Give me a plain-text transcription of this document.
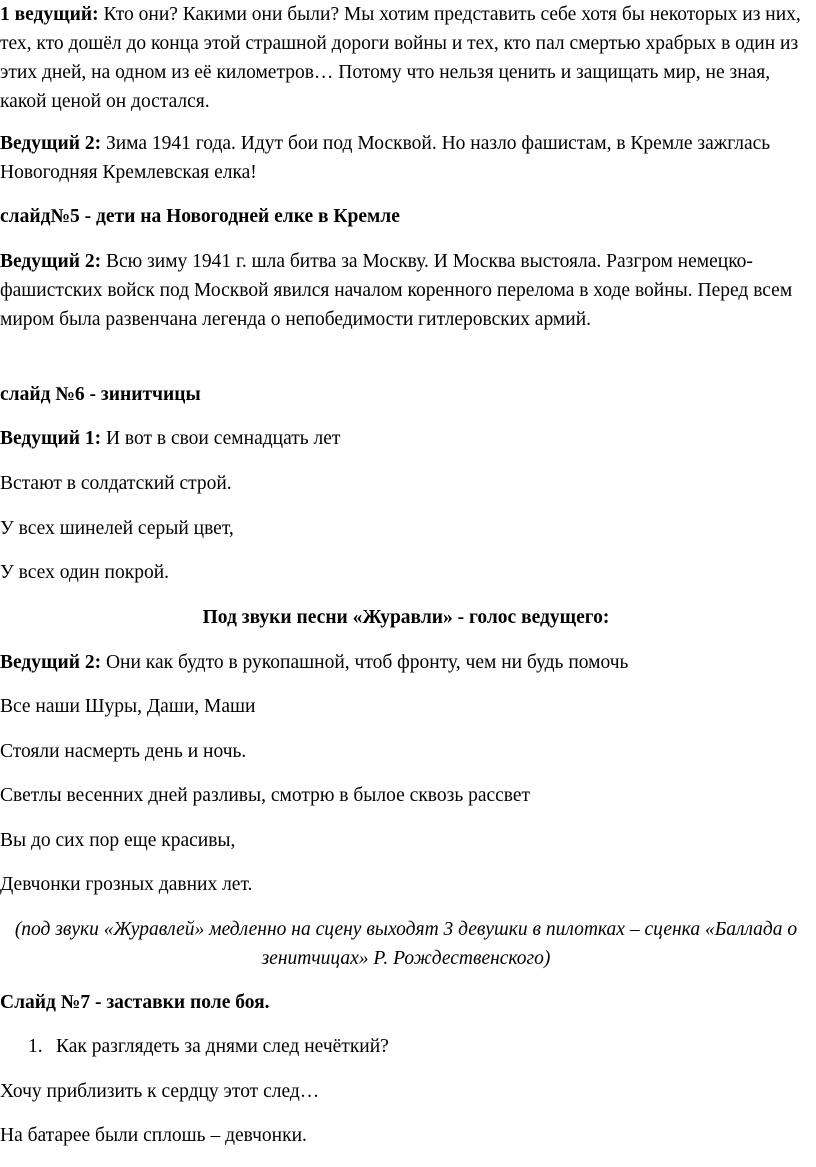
1 ведущий: Кто они? Какими они были? Мы хотим представить себе хотя бы некоторых из них, тех, кто дошёл до конца этой страшной дороги войны и тех, кто пал смертью храбрых в один из этих дней, на одном из её километров… Потому что нельзя ценить и защищать мир, не зная, какой ценой он достался.

Ведущий 2: Зима 1941 года. Идут бои под Москвой. Но назло фашистам, в Кремле зажглась Новогодняя Кремлевская елка!

слайд№5 - дети на Новогодней елке в Кремле

Ведущий 2: Всю зиму 1941 г. шла битва за Москву. И Москва выстояла. Разгром немецко-фашистских войск под Москвой явился началом коренного перелома в ходе войны. Перед всем миром была развенчана легенда о непобедимости гитлеровских армий.

слайд №6 - зинитчицы

Ведущий 1: И вот в свои семнадцать лет

Встают в солдатский строй.

У всех шинелей серый цвет,

У всех один покрой.

Под звуки песни «Журавли» - голос ведущего:

Ведущий 2: Они как будто в рукопашной, чтоб фронту, чем ни будь помочь

Все наши Шуры, Даши, Маши

Стояли насмерть день и ночь.

Светлы весенних дней разливы, смотрю в былое сквозь рассвет

Вы до сих пор еще красивы,

Девчонки грозных давних лет.

(под звуки «Журавлей» медленно на сцену выходят 3 девушки в пилотках – сценка «Баллада о зенитчицах» Р. Рождественского)

Слайд №7 - заставки поле боя.

1. Как разглядеть за днями след нечёткий?

Хочу приблизить к сердцу этот след…

На батарее были сплошь – девчонки.
